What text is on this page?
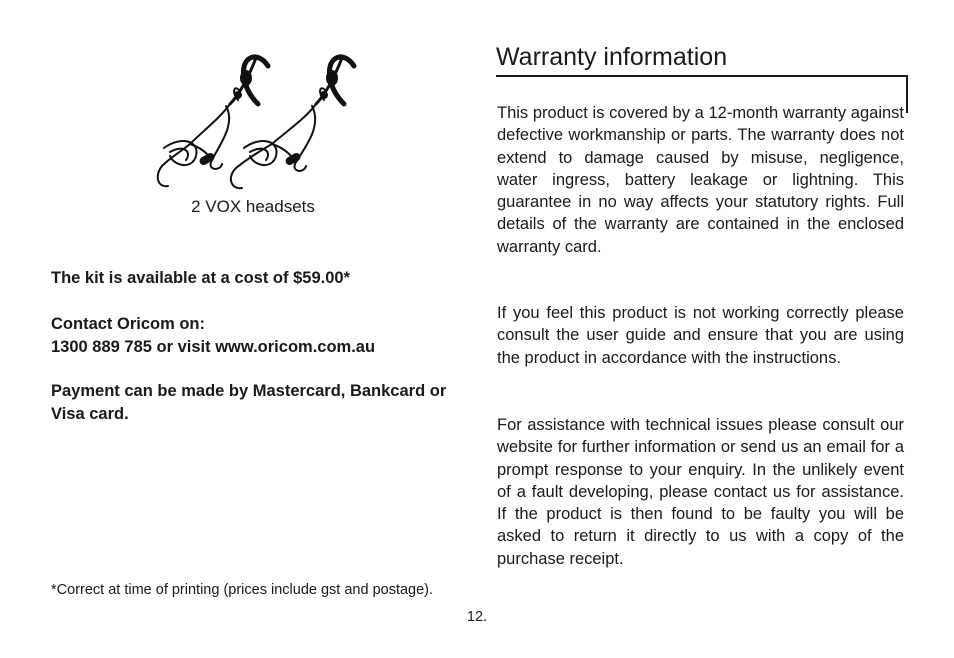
2 VOX headsets
The kit is available at a cost of $59.00*
Contact Oricom on:
1300 889 785 or visit www.oricom.com.au
Payment can be made by Mastercard, Bankcard or Visa card.
*Correct at time of printing (prices include gst and postage).
Warranty information

This product is covered by a 12-month warranty against defective workmanship or parts. The warranty does not extend to damage caused by misuse, negligence, water ingress, battery leakage or lightning. This guarantee in no way affects your statutory rights. Full details of the warranty are contained in the enclosed warranty card.

If you feel this product is not working correctly please consult the user guide and ensure that you are using the product in accordance with the instructions.

For assistance with technical issues please consult our website for further information or send us an email for a prompt response to your enquiry. In the unlikely event of a fault developing, please contact us for assistance. If the product is then found to be faulty you will be asked to return it directly to us with a copy of the purchase receipt.

12.
